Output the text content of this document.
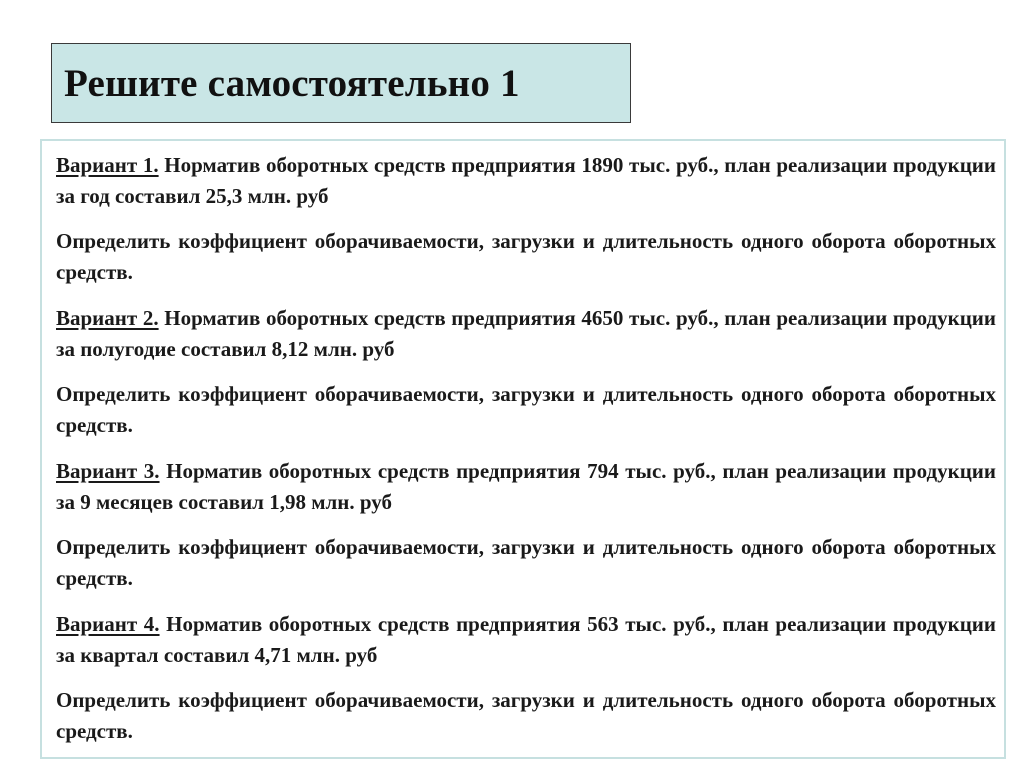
Решите самостоятельно 1

Вариант 1. Норматив оборотных средств предприятия 1890 тыс. руб., план реализации продукции за год составил 25,3 млн. руб

Определить коэффициент оборачиваемости, загрузки и длительность одного оборота оборотных средств.

Вариант 2. Норматив оборотных средств предприятия 4650 тыс. руб., план реализации продукции за полугодие составил 8,12 млн. руб

Определить коэффициент оборачиваемости, загрузки и длительность одного оборота оборотных средств.

Вариант 3. Норматив оборотных средств предприятия 794 тыс. руб., план реализации продукции за 9 месяцев составил 1,98 млн. руб

Определить коэффициент оборачиваемости, загрузки и длительность одного оборота оборотных средств.

Вариант 4. Норматив оборотных средств предприятия 563 тыс. руб., план реализации продукции за квартал составил 4,71 млн. руб

Определить коэффициент оборачиваемости, загрузки и длительность одного оборота оборотных средств.
